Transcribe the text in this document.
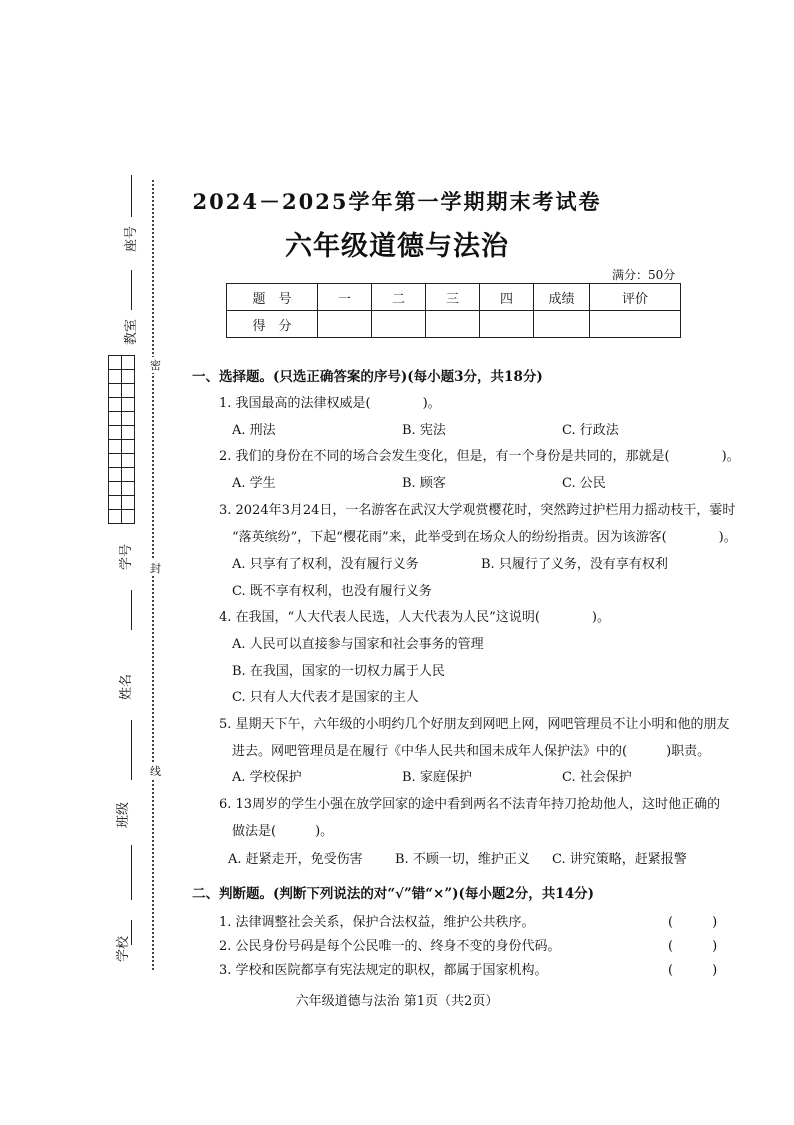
座号
教室

学号
姓名
班级
学校
密
封
线
2024－2025学年第一学期期末考试卷
六年级道德与法治
满分：50分
题　号	一	二	三	四	成绩	评价
得　分						
一、选择题。(只选正确答案的序号)(每小题3分，共18分)
1. 我国最高的法律权威是(　　　　)。
A. 刑法	B. 宪法	C. 行政法
2. 我们的身份在不同的场合会发生变化，但是，有一个身份是共同的，那就是(　　　　)。
A. 学生	B. 顾客	C. 公民
3. 2024年3月24日，一名游客在武汉大学观赏樱花时，突然跨过护栏用力摇动枝干，霎时
“落英缤纷”，下起“樱花雨”来，此举受到在场众人的纷纷指责。因为该游客(　　　　)。
A. 只享有了权利，没有履行义务	B. 只履行了义务，没有享有权利
C. 既不享有权利，也没有履行义务
4. 在我国，“人大代表人民选，人大代表为人民”这说明(　　　　)。
A. 人民可以直接参与国家和社会事务的管理
B. 在我国，国家的一切权力属于人民
C. 只有人大代表才是国家的主人
5. 星期天下午，六年级的小明约几个好朋友到网吧上网，网吧管理员不让小明和他的朋友
进去。网吧管理员是在履行《中华人民共和国未成年人保护法》中的(　　　)职责。
A. 学校保护	B. 家庭保护	C. 社会保护
6. 13周岁的学生小强在放学回家的途中看到两名不法青年持刀抢劫他人，这时他正确的
做法是(　　　)。
A. 赶紧走开，免受伤害 B. 不顾一切，维护正义 C. 讲究策略，赶紧报警
二、判断题。(判断下列说法的对“√”错“×”)(每小题2分，共14分)
1. 法律调整社会关系，保护合法权益，维护公共秩序。	(　　　)
2. 公民身份号码是每个公民唯一的、终身不变的身份代码。	(　　　)
3. 学校和医院都享有宪法规定的职权，都属于国家机构。	(　　　)
六年级道德与法治 第1页（共2页）
